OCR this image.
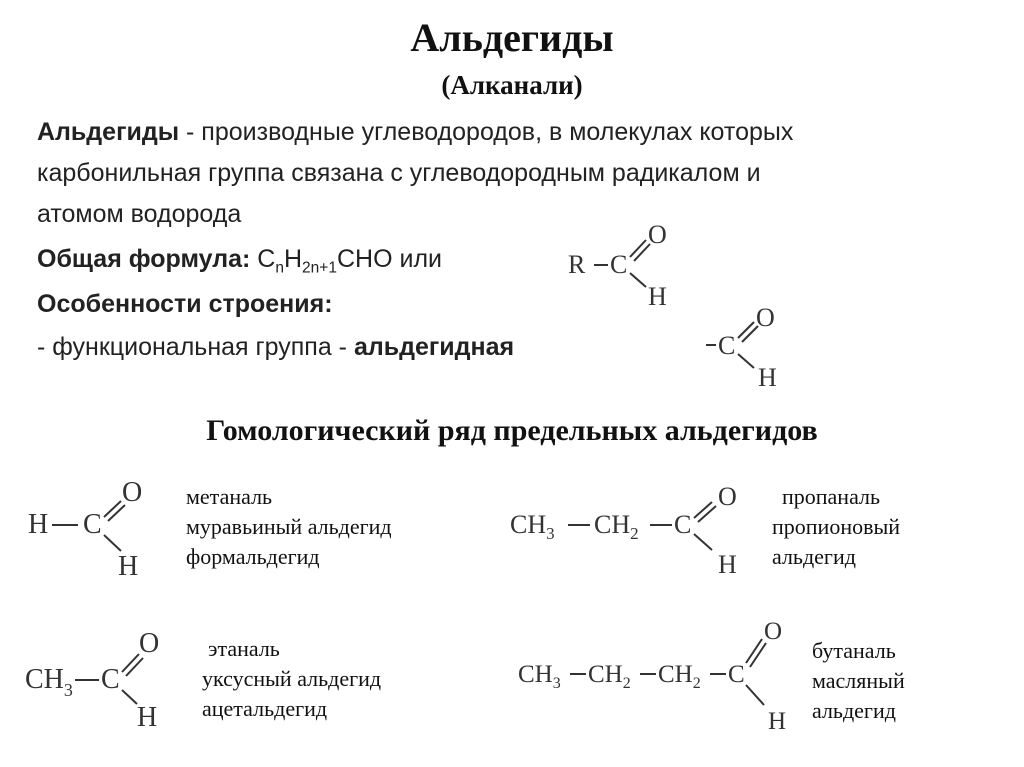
Альдегиды
(Алканали)
Альдегиды - производные углеводородов, в молекулах которых
карбонильная группа связана с углеводородным радикалом и
атомом водорода
Общая формула: $C_nH_{2n+1}CHO$ или
Особенности строения:
- функциональная группа - альдегидная
R C
O
H
C
O
H
Гомологический ряд предельных альдегидов
H C
O
H
метаналь
муравьиный альдегид
формальдегид
$CH_3$ $CH_2$ C
O
H
пропаналь
пропионовый
альдегид
$CH_3$ C
O
H
этаналь
уксусный альдегид
ацетальдегид
$CH_3$ $CH_2$ $CH_2$ C
O
H
бутаналь
масляный
альдегид
